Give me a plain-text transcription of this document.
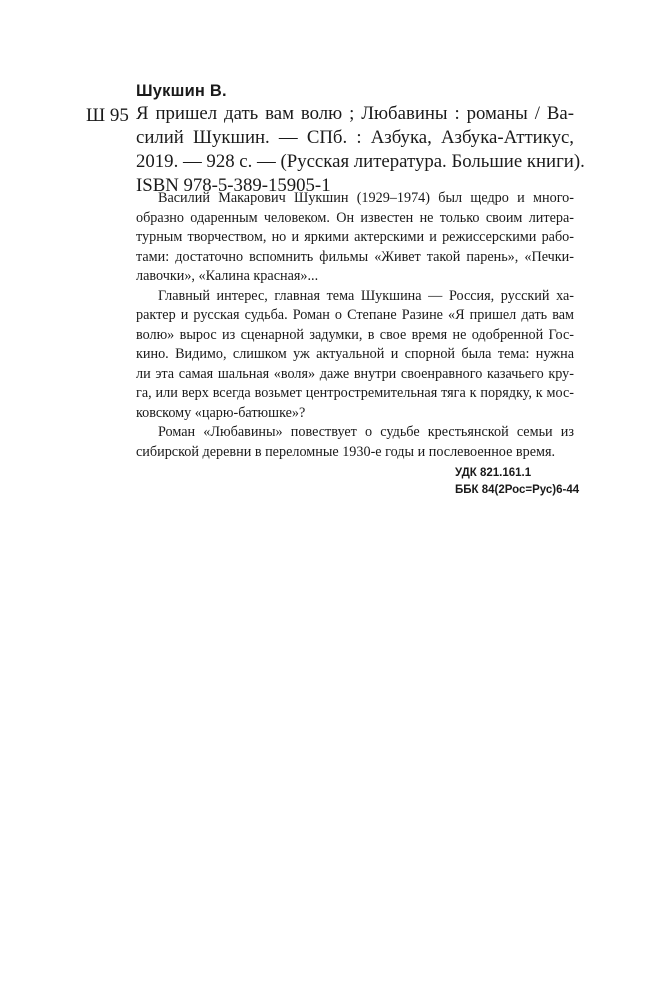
Шукшин В.
Ш 95 Я пришел дать вам волю ; Любавины : романы / Ва-
силий Шукшин. — СПб. : Азбука, Азбука-Аттикус,
2019. — 928 с. — (Русская литература. Большие книги).
ISBN 978-5-389-15905-1

Василий Макарович Шукшин (1929–1974) был щедро и много-
образно одаренным человеком. Он известен не только своим литера-
турным творчеством, но и яркими актерскими и режиссерскими рабо-
тами: достаточно вспомнить фильмы «Живет такой парень», «Печки-
лавочки», «Калина красная»...

Главный интерес, главная тема Шукшина — Россия, русский ха-
рактер и русская судьба. Роман о Степане Разине «Я пришел дать вам
волю» вырос из сценарной задумки, в свое время не одобренной Гос-
кино. Видимо, слишком уж актуальной и спорной была тема: нужна
ли эта самая шальная «воля» даже внутри своенравного казачьего кру-
га, или верх всегда возьмет центростремительная тяга к порядку, к мос-
ковскому «царю-батюшке»?

Роман «Любавины» повествует о судьбе крестьянской семьи из
сибирской деревни в переломные 1930-е годы и послевоенное время.

УДК 821.161.1
ББК 84(2Рос=Рус)6-44
